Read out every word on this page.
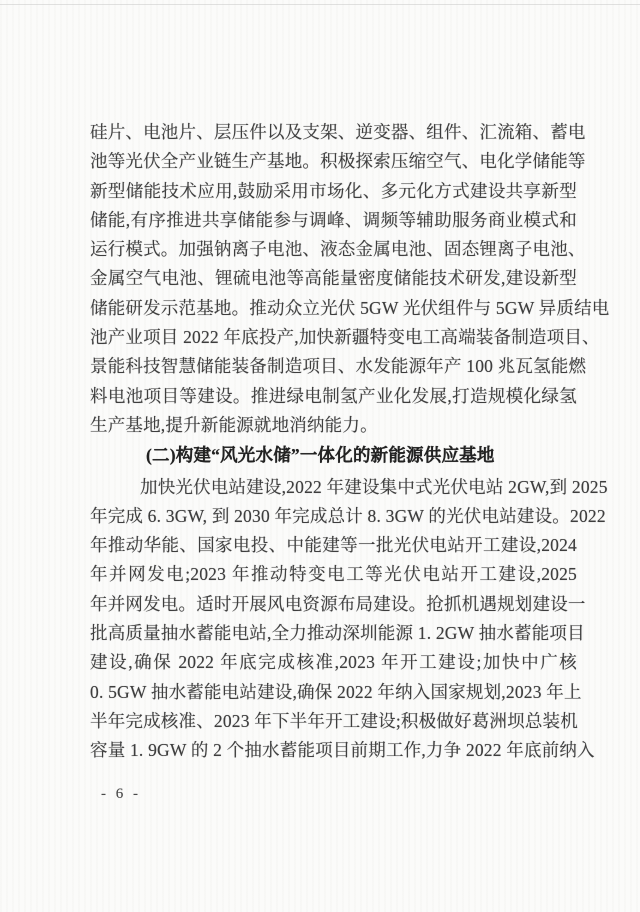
硅片、电池片、层压件以及支架、逆变器、组件、汇流箱、蓄电
池等光伏全产业链生产基地。积极探索压缩空气、电化学储能等
新型储能技术应用,鼓励采用市场化、多元化方式建设共享新型
储能,有序推进共享储能参与调峰、调频等辅助服务商业模式和
运行模式。加强钠离子电池、液态金属电池、固态锂离子电池、
金属空气电池、锂硫电池等高能量密度储能技术研发,建设新型
储能研发示范基地。推动众立光伏 5GW 光伏组件与 5GW 异质结电
池产业项目 2022 年底投产,加快新疆特变电工高端装备制造项目、
景能科技智慧储能装备制造项目、水发能源年产 100 兆瓦氢能燃
料电池项目等建设。推进绿电制氢产业化发展,打造规模化绿氢
生产基地,提升新能源就地消纳能力。
(二)构建“风光水储”一体化的新能源供应基地
加快光伏电站建设,2022 年建设集中式光伏电站 2GW,到 2025
年完成 6. 3GW, 到 2030 年完成总计 8. 3GW 的光伏电站建设。2022
年推动华能、国家电投、中能建等一批光伏电站开工建设,2024
年并网发电;2023 年推动特变电工等光伏电站开工建设,2025
年并网发电。适时开展风电资源布局建设。抢抓机遇规划建设一
批高质量抽水蓄能电站,全力推动深圳能源 1. 2GW 抽水蓄能项目
建设,确保 2022 年底完成核准,2023 年开工建设;加快中广核
0. 5GW 抽水蓄能电站建设,确保 2022 年纳入国家规划,2023 年上
半年完成核准、2023 年下半年开工建设;积极做好葛洲坝总装机
容量 1. 9GW 的 2 个抽水蓄能项目前期工作,力争 2022 年底前纳入
- 6 -
